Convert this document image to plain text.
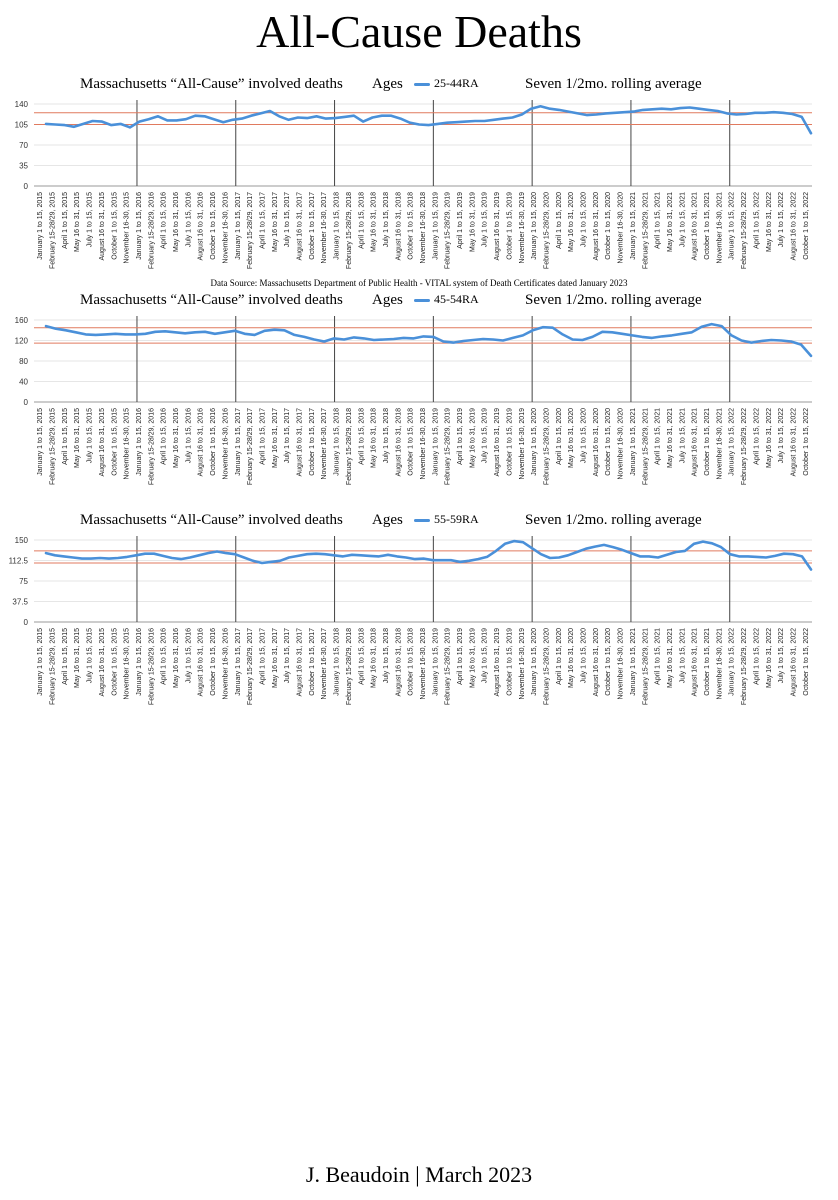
All-Cause Deaths
Massachusetts “All-Cause” involved deaths Ages	25-44RA	Seven 1/2mo. rolling average
0
35
70
105
140
January 1 to 15, 2015 February 15-28/29, 2015 April 1 to 15, 2015 May 16 to 31, 2015 July 1 to 15, 2015 August 16 to 31, 2015 October 1 to 15, 2015 November 16-30, 2015 January 1 to 15, 2016 February 15-28/29, 2016 April 1 to 15, 2016 May 16 to 31, 2016 July 1 to 15, 2016 August 16 to 31, 2016 October 1 to 15, 2016 November 16-30, 2016 January 1 to 15, 2017 February 15-28/29, 2017 April 1 to 15, 2017 May 16 to 31, 2017 July 1 to 15, 2017 August 16 to 31, 2017 October 1 to 15, 2017 November 16-30, 2017 January 1 to 15, 2018 February 15-28/29, 2018 April 1 to 15, 2018 May 16 to 31, 2018 July 1 to 15, 2018 August 16 to 31, 2018 October 1 to 15, 2018 November 16-30, 2018 January 1 to 15, 2019 February 15-28/29, 2019 April 1 to 15, 2019 May 16 to 31, 2019 July 1 to 15, 2019 August 16 to 31, 2019 October 1 to 15, 2019 November 16-30, 2019 January 1 to 15, 2020 February 15-28/29, 2020 April 1 to 15, 2020 May 16 to 31, 2020 July 1 to 15, 2020 August 16 to 31, 2020 October 1 to 15, 2020 November 16-30, 2020 January 1 to 15, 2021 February 15-28/29, 2021 April 1 to 15, 2021 May 16 to 31, 2021 July 1 to 15, 2021 August 16 to 31, 2021 October 1 to 15, 2021 November 16-30, 2021 January 1 to 15, 2022 February 15-28/29, 2022 April 1 to 15, 2022 May 16 to 31, 2022 July 1 to 15, 2022 August 16 to 31, 2022 October 1 to 15, 2022
Data Source: Massachusetts Department of Public Health - VITAL system of Death Certificates dated January 2023
Massachusetts “All-Cause” involved deaths Ages	45-54RA	Seven 1/2mo. rolling average
0
40
80
120
160
January 1 to 15, 2015 February 15-28/29, 2015 April 1 to 15, 2015 May 16 to 31, 2015 July 1 to 15, 2015 August 16 to 31, 2015 October 1 to 15, 2015 November 16-30, 2015 January 1 to 15, 2016 February 15-28/29, 2016 April 1 to 15, 2016 May 16 to 31, 2016 July 1 to 15, 2016 August 16 to 31, 2016 October 1 to 15, 2016 November 16-30, 2016 January 1 to 15, 2017 February 15-28/29, 2017 April 1 to 15, 2017 May 16 to 31, 2017 July 1 to 15, 2017 August 16 to 31, 2017 October 1 to 15, 2017 November 16-30, 2017 January 1 to 15, 2018 February 15-28/29, 2018 April 1 to 15, 2018 May 16 to 31, 2018 July 1 to 15, 2018 August 16 to 31, 2018 October 1 to 15, 2018 November 16-30, 2018 January 1 to 15, 2019 February 15-28/29, 2019 April 1 to 15, 2019 May 16 to 31, 2019 July 1 to 15, 2019 August 16 to 31, 2019 October 1 to 15, 2019 November 16-30, 2019 January 1 to 15, 2020 February 15-28/29, 2020 April 1 to 15, 2020 May 16 to 31, 2020 July 1 to 15, 2020 August 16 to 31, 2020 October 1 to 15, 2020 November 16-30, 2020 January 1 to 15, 2021 February 15-28/29, 2021 April 1 to 15, 2021 May 16 to 31, 2021 July 1 to 15, 2021 August 16 to 31, 2021 October 1 to 15, 2021 November 16-30, 2021 January 1 to 15, 2022 February 15-28/29, 2022 April 1 to 15, 2022 May 16 to 31, 2022 July 1 to 15, 2022 August 16 to 31, 2022 October 1 to 15, 2022
Massachusetts “All-Cause” involved deaths Ages	55-59RA	Seven 1/2mo. rolling average
0
37.5
75
112.5
150
January 1 to 15, 2015 February 15-28/29, 2015 April 1 to 15, 2015 May 16 to 31, 2015 July 1 to 15, 2015 August 16 to 31, 2015 October 1 to 15, 2015 November 16-30, 2015 January 1 to 15, 2016 February 15-28/29, 2016 April 1 to 15, 2016 May 16 to 31, 2016 July 1 to 15, 2016 August 16 to 31, 2016 October 1 to 15, 2016 November 16-30, 2016 January 1 to 15, 2017 February 15-28/29, 2017 April 1 to 15, 2017 May 16 to 31, 2017 July 1 to 15, 2017 August 16 to 31, 2017 October 1 to 15, 2017 November 16-30, 2017 January 1 to 15, 2018 February 15-28/29, 2018 April 1 to 15, 2018 May 16 to 31, 2018 July 1 to 15, 2018 August 16 to 31, 2018 October 1 to 15, 2018 November 16-30, 2018 January 1 to 15, 2019 February 15-28/29, 2019 April 1 to 15, 2019 May 16 to 31, 2019 July 1 to 15, 2019 August 16 to 31, 2019 October 1 to 15, 2019 November 16-30, 2019 January 1 to 15, 2020 February 15-28/29, 2020 April 1 to 15, 2020 May 16 to 31, 2020 July 1 to 15, 2020 August 16 to 31, 2020 October 1 to 15, 2020 November 16-30, 2020 January 1 to 15, 2021 February 15-28/29, 2021 April 1 to 15, 2021 May 16 to 31, 2021 July 1 to 15, 2021 August 16 to 31, 2021 October 1 to 15, 2021 November 16-30, 2021 January 1 to 15, 2022 February 15-28/29, 2022 April 1 to 15, 2022 May 16 to 31, 2022 July 1 to 15, 2022 August 16 to 31, 2022 October 1 to 15, 2022
J. Beaudoin | March 2023
